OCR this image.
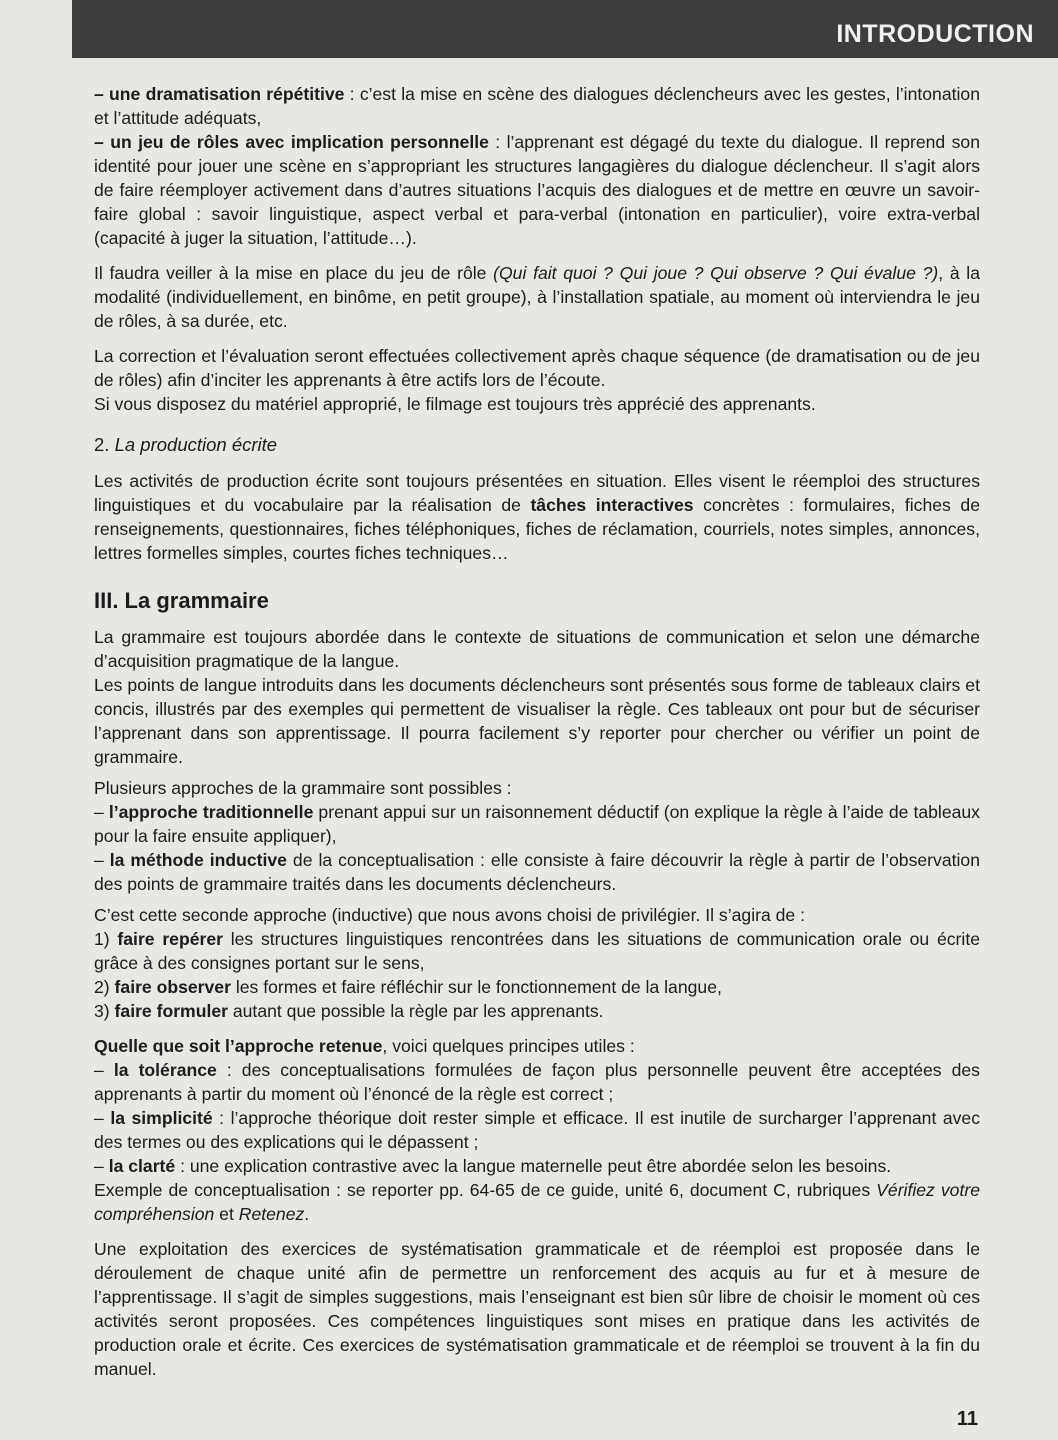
INTRODUCTION

– une dramatisation répétitive : c’est la mise en scène des dialogues déclencheurs avec les gestes, l’intonation et l’attitude adéquats,

– un jeu de rôles avec implication personnelle : l’apprenant est dégagé du texte du dialogue. Il reprend son identité pour jouer une scène en s’appropriant les structures langagières du dialogue déclencheur. Il s’agit alors de faire réemployer activement dans d’autres situations l’acquis des dialogues et de mettre en œuvre un savoir-faire global : savoir linguistique, aspect verbal et para-verbal (intonation en particulier), voire extra-verbal (capacité à juger la situation, l’attitude…).

Il faudra veiller à la mise en place du jeu de rôle (Qui fait quoi ? Qui joue ? Qui observe ? Qui évalue ?), à la modalité (individuellement, en binôme, en petit groupe), à l’installation spatiale, au moment où interviendra le jeu de rôles, à sa durée, etc.

La correction et l’évaluation seront effectuées collectivement après chaque séquence (de dramatisation ou de jeu de rôles) afin d’inciter les apprenants à être actifs lors de l’écoute.

Si vous disposez du matériel approprié, le filmage est toujours très apprécié des apprenants.

2. La production écrite

Les activités de production écrite sont toujours présentées en situation. Elles visent le réemploi des structures linguistiques et du vocabulaire par la réalisation de tâches interactives concrètes : formulaires, fiches de renseignements, questionnaires, fiches téléphoniques, fiches de réclamation, courriels, notes simples, annonces, lettres formelles simples, courtes fiches techniques…

III. La grammaire

La grammaire est toujours abordée dans le contexte de situations de communication et selon une démarche d’acquisition pragmatique de la langue.

Les points de langue introduits dans les documents déclencheurs sont présentés sous forme de tableaux clairs et concis, illustrés par des exemples qui permettent de visualiser la règle. Ces tableaux ont pour but de sécuriser l’apprenant dans son apprentissage. Il pourra facilement s’y reporter pour chercher ou vérifier un point de grammaire.

Plusieurs approches de la grammaire sont possibles :

– l’approche traditionnelle prenant appui sur un raisonnement déductif (on explique la règle à l’aide de tableaux pour la faire ensuite appliquer),

– la méthode inductive de la conceptualisation : elle consiste à faire découvrir la règle à partir de l’observation des points de grammaire traités dans les documents déclencheurs.

C’est cette seconde approche (inductive) que nous avons choisi de privilégier. Il s’agira de :

1) faire repérer les structures linguistiques rencontrées dans les situations de communication orale ou écrite grâce à des consignes portant sur le sens,

2) faire observer les formes et faire réfléchir sur le fonctionnement de la langue,

3) faire formuler autant que possible la règle par les apprenants.

Quelle que soit l’approche retenue, voici quelques principes utiles :

– la tolérance : des conceptualisations formulées de façon plus personnelle peuvent être acceptées des apprenants à partir du moment où l’énoncé de la règle est correct ;

– la simplicité : l’approche théorique doit rester simple et efficace. Il est inutile de surcharger l’apprenant avec des termes ou des explications qui le dépassent ;

– la clarté : une explication contrastive avec la langue maternelle peut être abordée selon les besoins.

Exemple de conceptualisation : se reporter pp. 64-65 de ce guide, unité 6, document C, rubriques Vérifiez votre compréhension et Retenez.

Une exploitation des exercices de systématisation grammaticale et de réemploi est proposée dans le déroulement de chaque unité afin de permettre un renforcement des acquis au fur et à mesure de l’apprentissage. Il s’agit de simples suggestions, mais l’enseignant est bien sûr libre de choisir le moment où ces activités seront proposées. Ces compétences linguistiques sont mises en pratique dans les activités de production orale et écrite. Ces exercices de systématisation grammaticale et de réemploi se trouvent à la fin du manuel.

11
